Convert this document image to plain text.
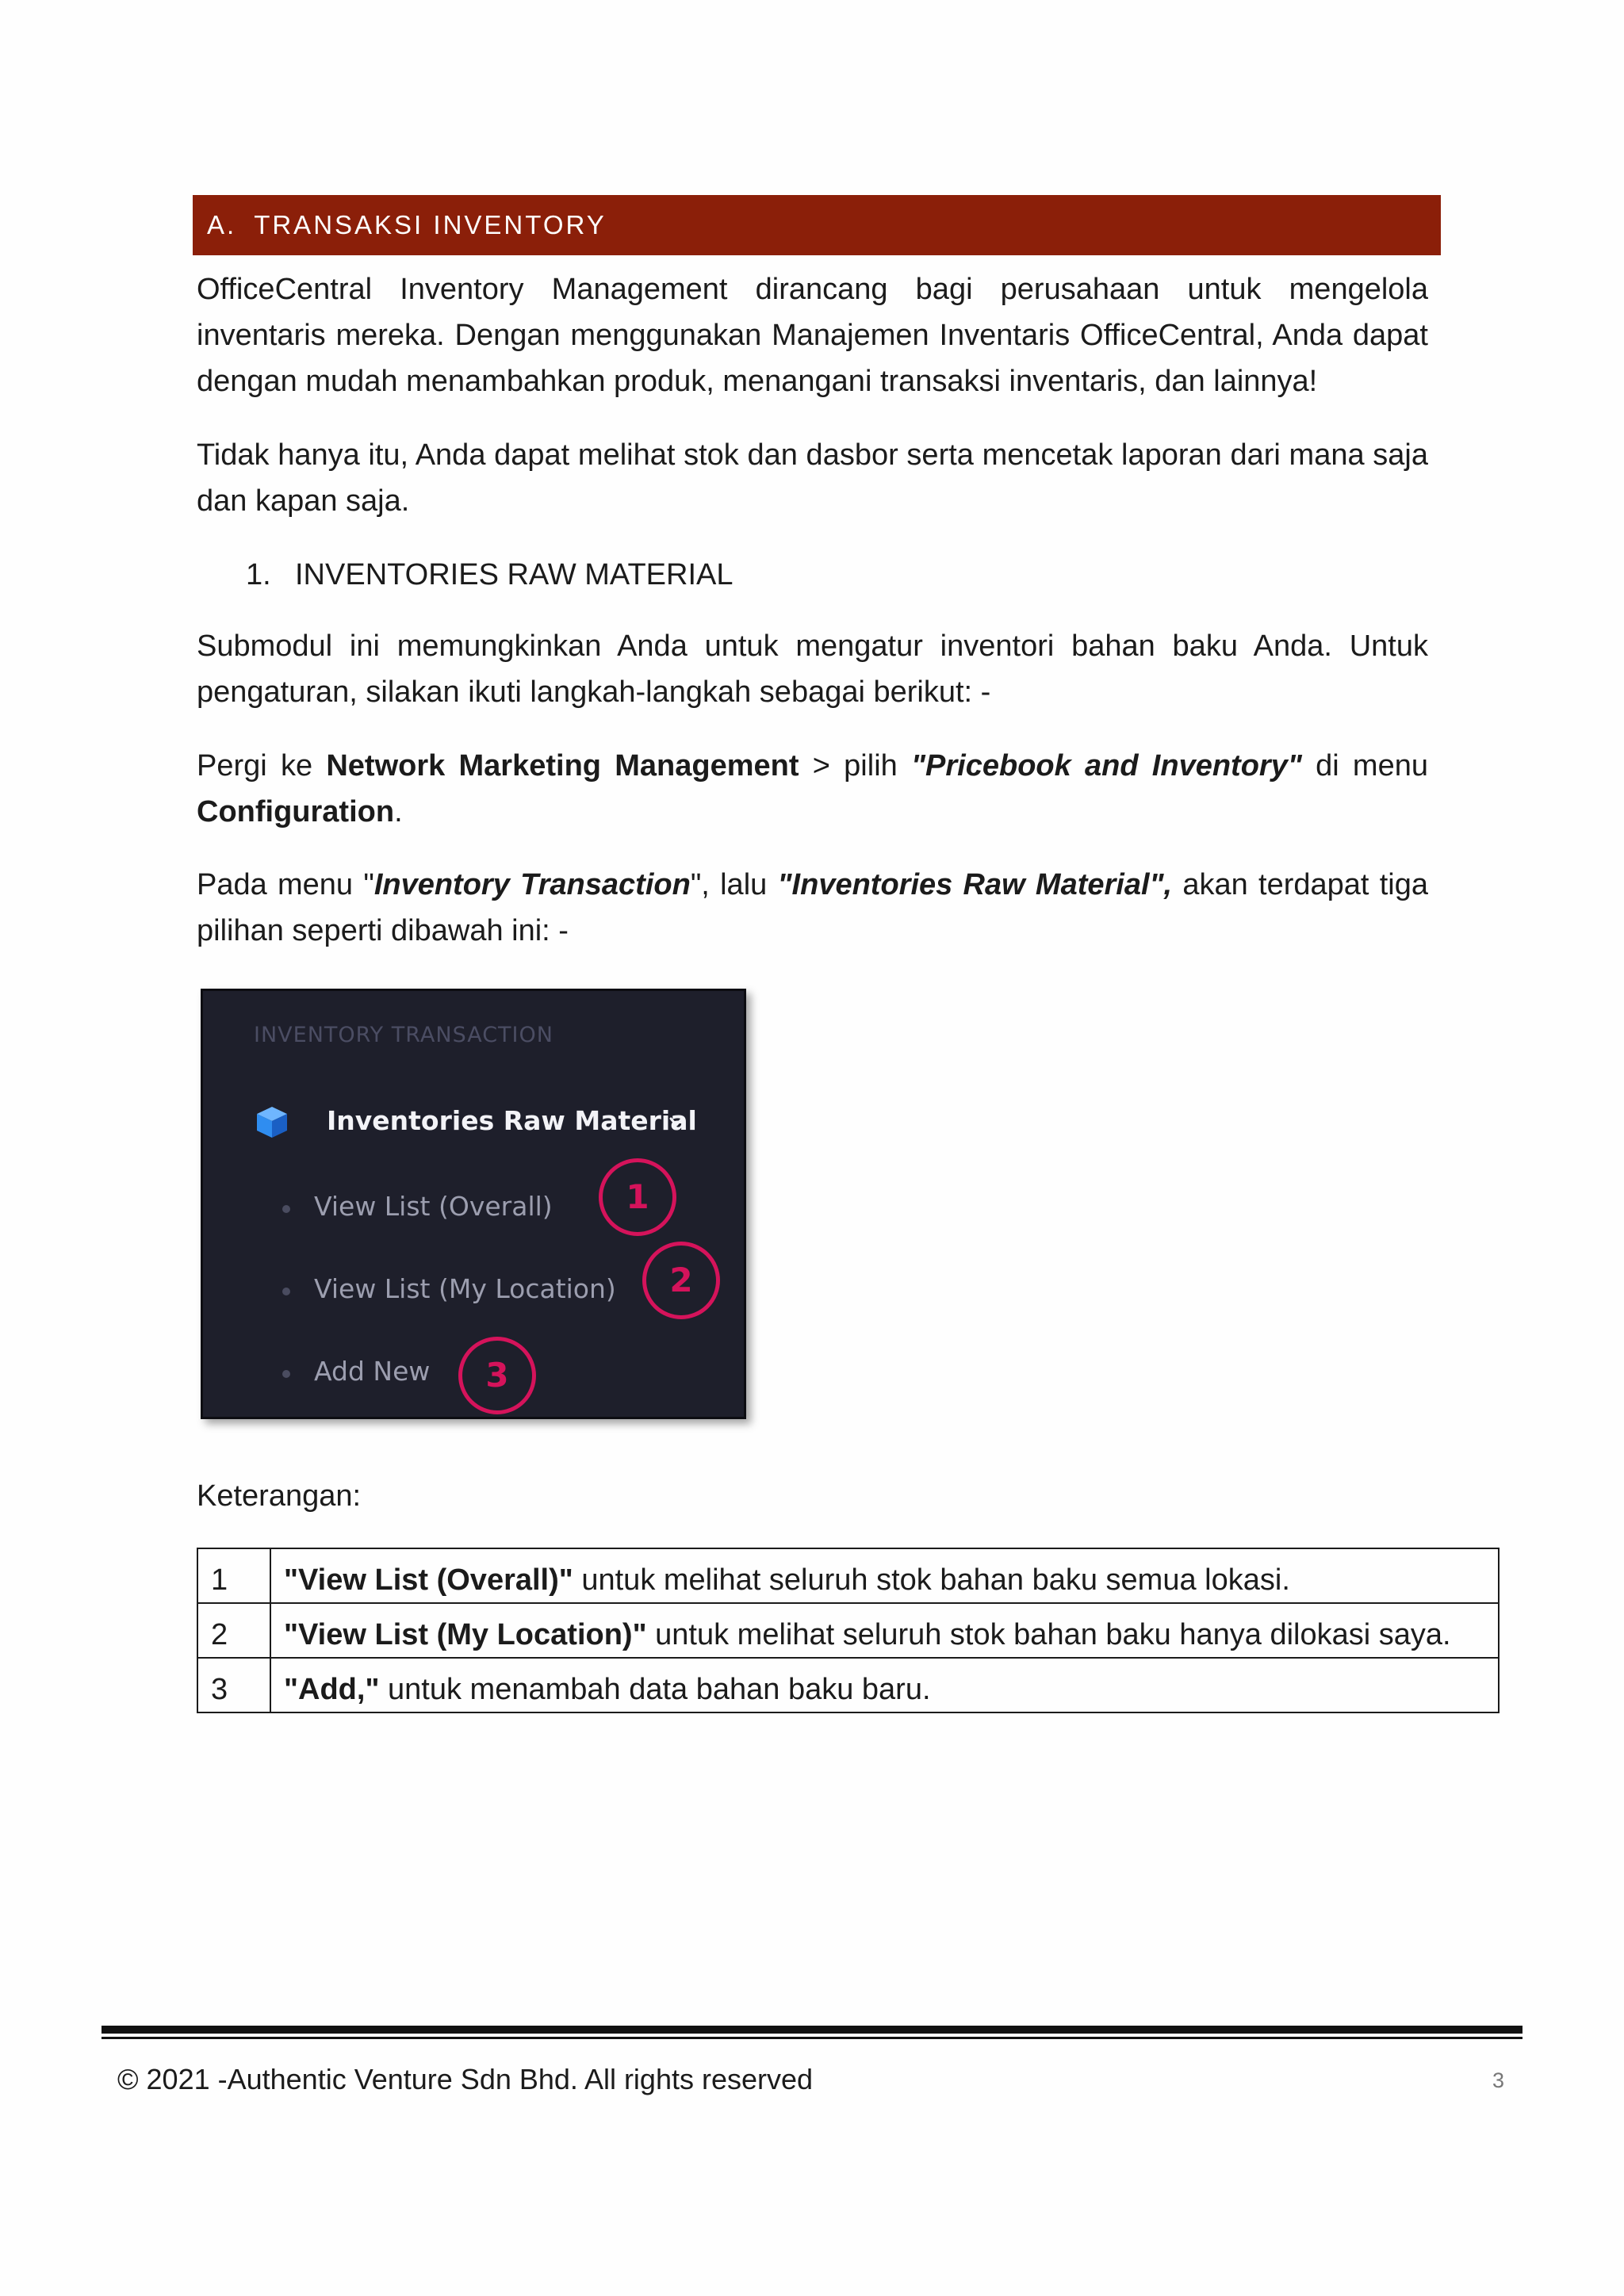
A. TRANSAKSI INVENTORY

OfficeCentral Inventory Management dirancang bagi perusahaan untuk mengelola inventaris mereka. Dengan menggunakan Manajemen Inventaris OfficeCentral, Anda dapat dengan mudah menambahkan produk, menangani transaksi inventaris, dan lainnya!

Tidak hanya itu, Anda dapat melihat stok dan dasbor serta mencetak laporan dari mana saja dan kapan saja.

1. INVENTORIES RAW MATERIAL

Submodul ini memungkinkan Anda untuk mengatur inventori bahan baku Anda. Untuk pengaturan, silakan ikuti langkah-langkah sebagai berikut: -

Pergi ke Network Marketing Management > pilih "Pricebook and Inventory" di menu Configuration.

Pada menu "Inventory Transaction", lalu "Inventories Raw Material", akan terdapat tiga pilihan seperti dibawah ini: -

INVENTORY TRANSACTION
Inventories Raw Material
View List (Overall)	1
View List (My Location)	2
Add New	3
Keterangan:
1	"View List (Overall)" untuk melihat seluruh stok bahan baku semua lokasi.
2	"View List (My Location)" untuk melihat seluruh stok bahan baku hanya dilokasi saya.
3	"Add," untuk menambah data bahan baku baru.
© 2021 -Authentic Venture Sdn Bhd. All rights reserved	3
